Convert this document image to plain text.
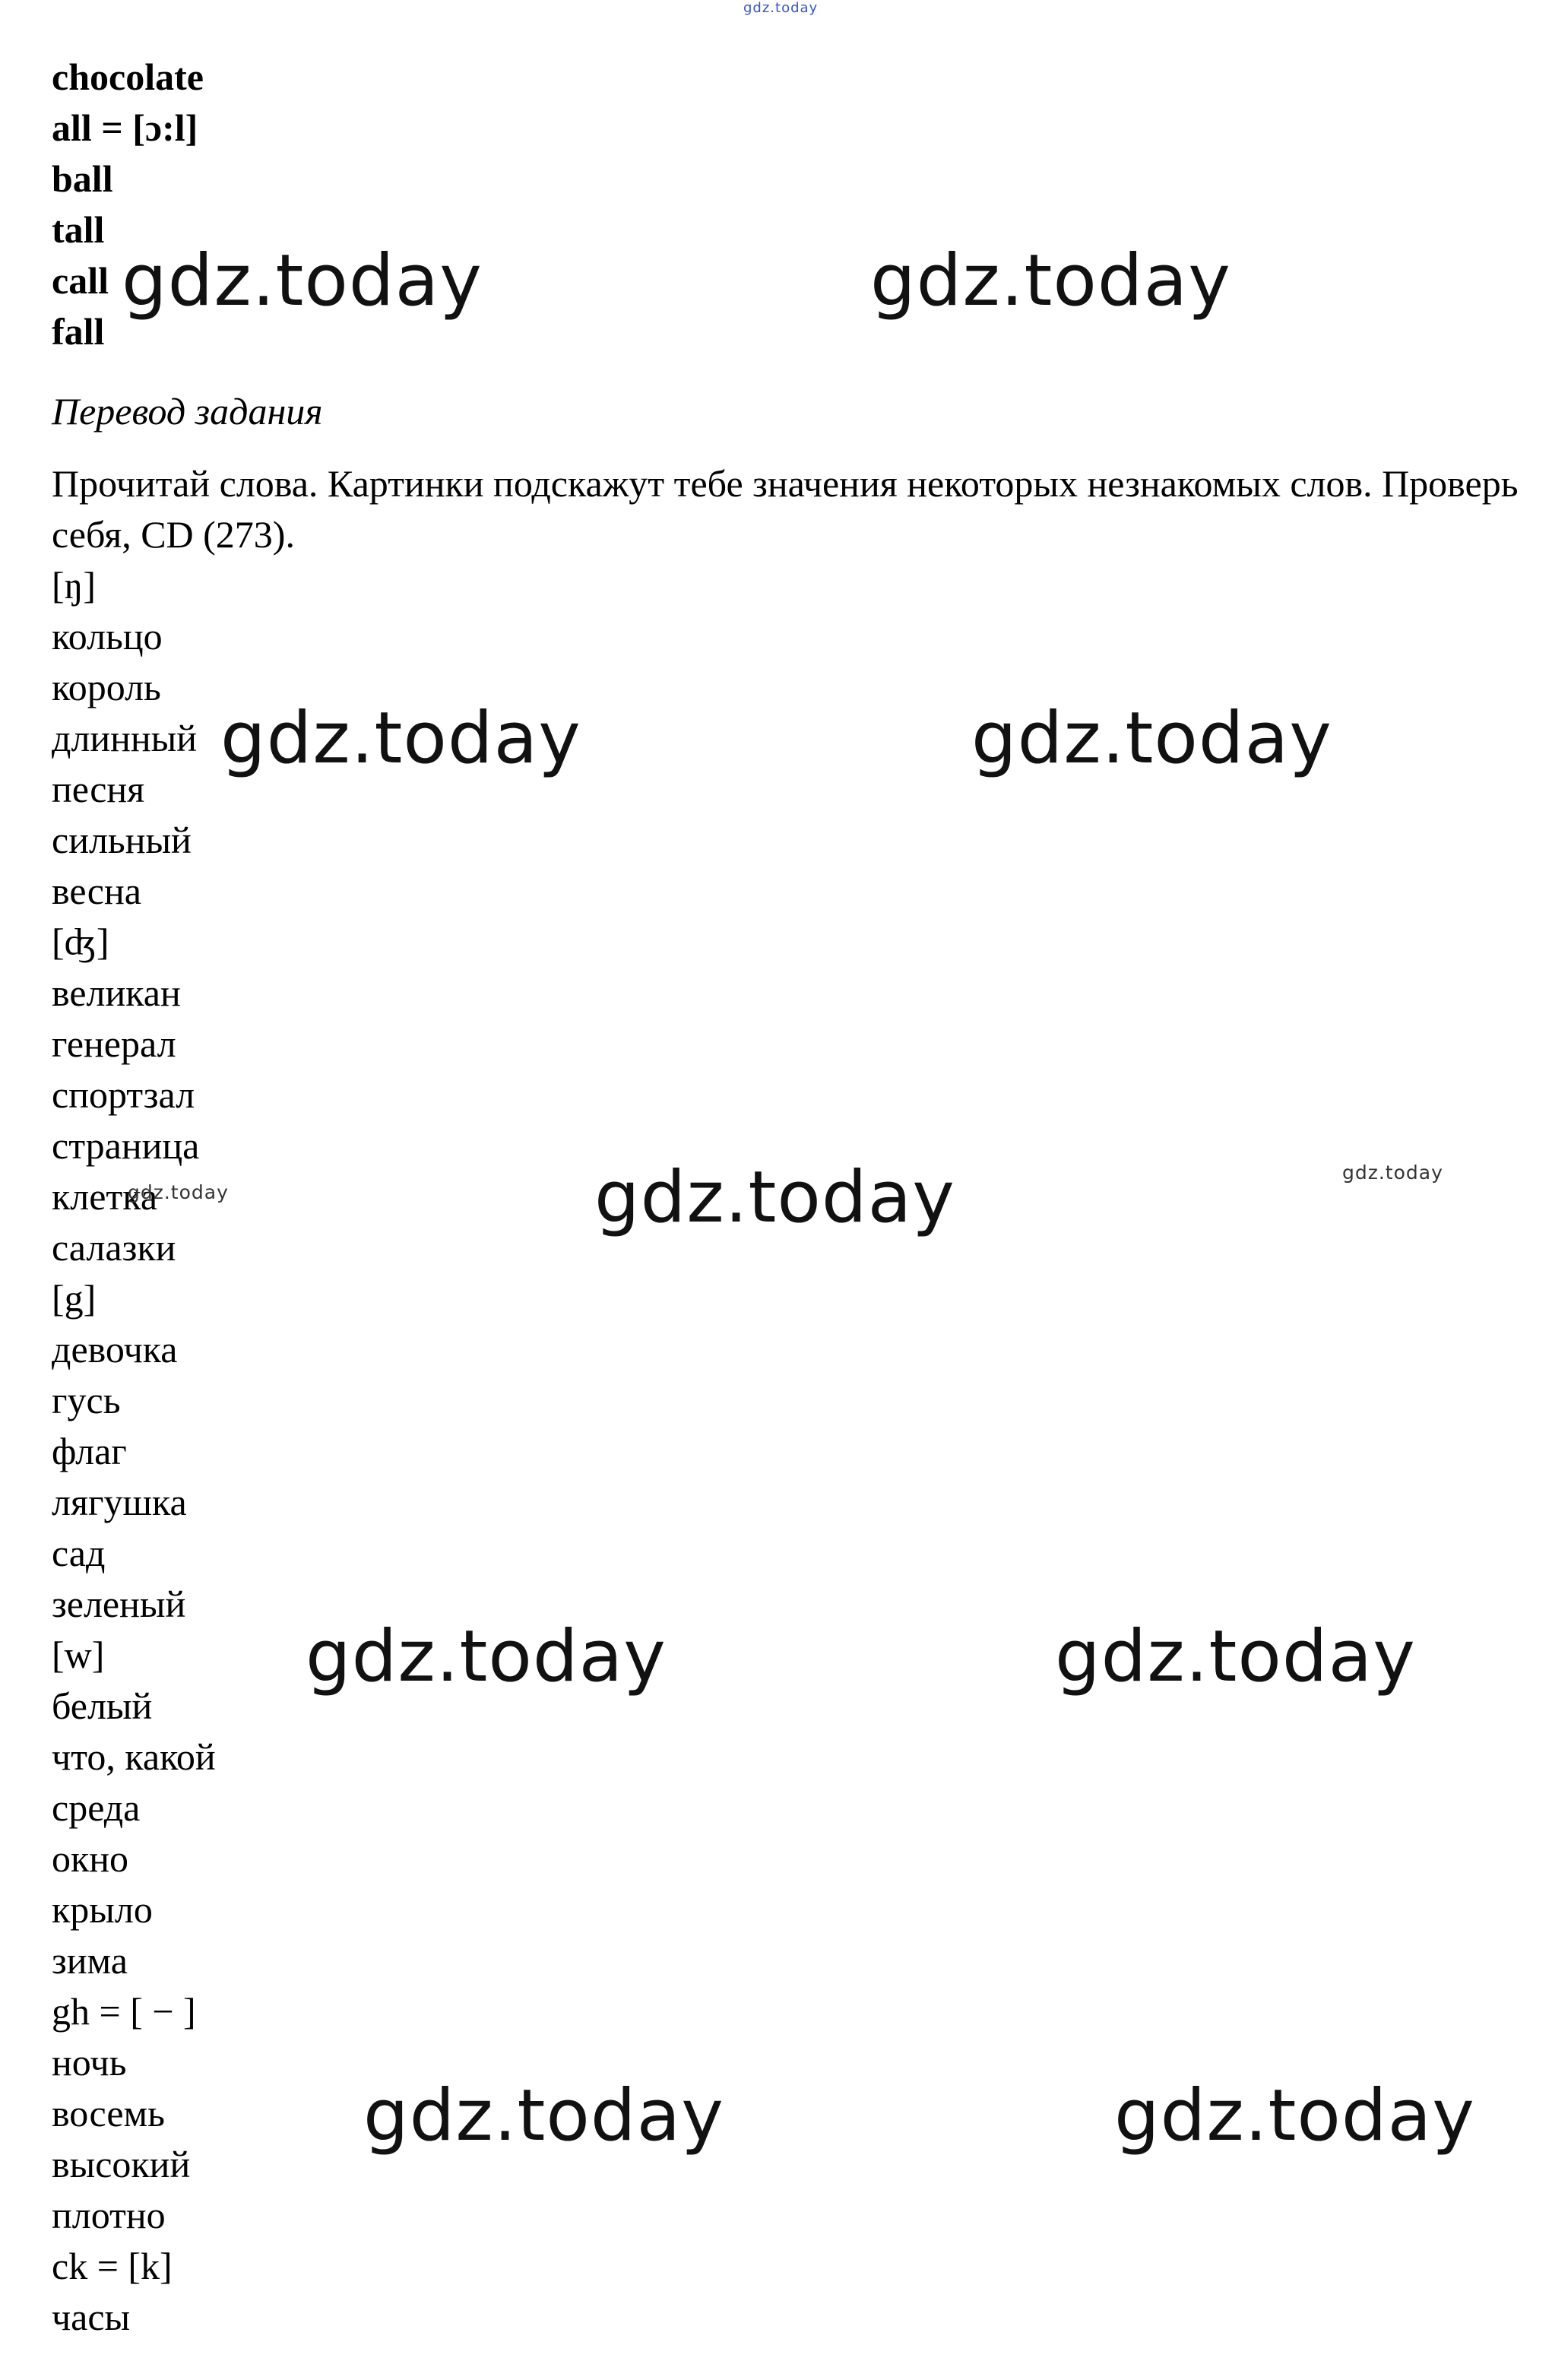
chocolate
all = [ɔ:l]
ball
tall
call
fall
Перевод задания
Прочитай слова. Картинки подскажут тебе значения некоторых незнакомых слов. Проверь себя, CD (273).
[ŋ]
кольцо
король
длинный
песня
сильный
весна
[ʤ]
великан
генерал
спортзал
страница
клетка
салазки
[g]
девочка
гусь
флаг
лягушка
сад
зеленый
[w]
белый
что, какой
среда
окно
крыло
зима
gh = [ − ]
ночь
восемь
высокий
плотно
ck = [k]
часы
gdz.today
gdz.today	gdz.today
gdz.today	gdz.today
gdz.today
gdz.today
gdz.today
gdz.today	gdz.today
gdz.today	gdz.today
